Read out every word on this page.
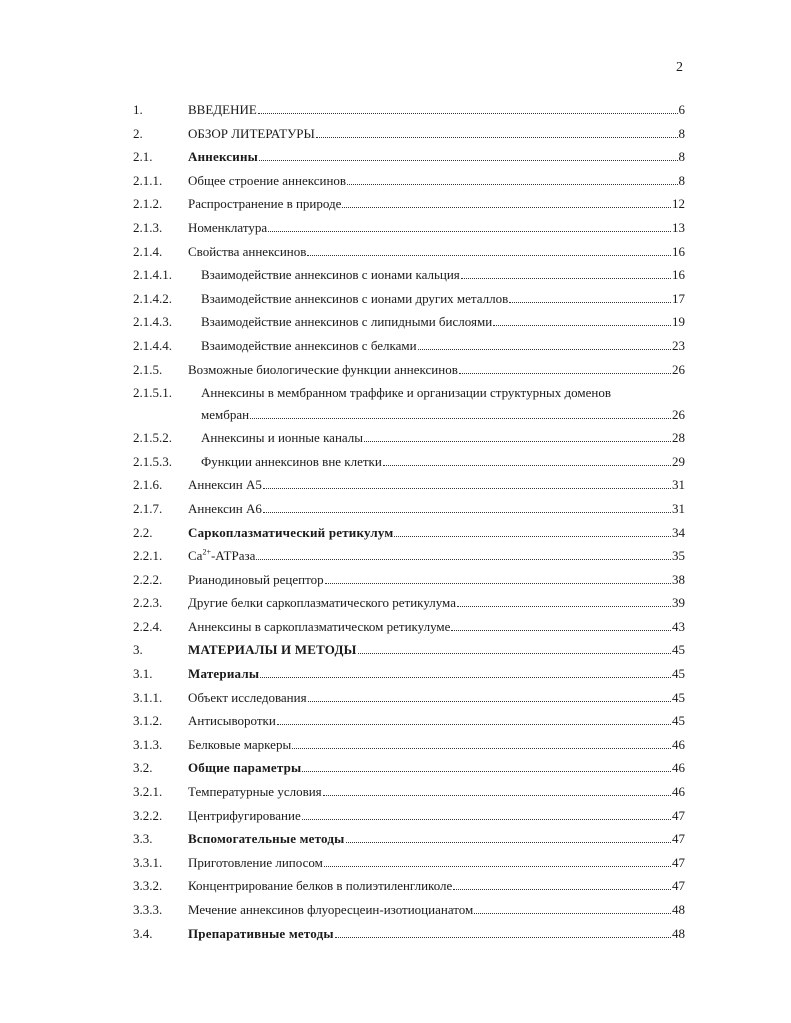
2
1.	ВВЕДЕНИЕ	6
2.	ОБЗОР ЛИТЕРАТУРЫ	8
2.1.	Аннексины	8
2.1.1. Общее строение аннексинов	8
2.1.2. Распространение в природе	12
2.1.3. Номенклатура	13
2.1.4. Свойства аннексинов	16
2.1.4.1. Взаимодействие аннексинов с ионами кальция	16
2.1.4.2. Взаимодействие аннексинов с ионами других металлов	17
2.1.4.3. Взаимодействие аннексинов с липидными бислоями	19
2.1.4.4. Взаимодействие аннексинов с белками	23
2.1.5. Возможные биологические функции аннексинов	26
2.1.5.1. Аннексины в мембранном траффике и организации структурных доменов
мембран	26
2.1.5.2. Аннексины и ионные каналы	28
2.1.5.3. Функции аннексинов вне клетки	29
2.1.6. Аннексин А5	31
2.1.7. Аннексин А6	31
2.2.	Саркоплазматический ретикулум	34
2.2.1. $Ca^{2+}$-АТРаза	35
2.2.2. Рианодиновый рецептор	38
2.2.3. Другие белки саркоплазматического ретикулума	39
2.2.4. Аннексины в саркоплазматическом ретикулуме	43
3.	МАТЕРИАЛЫ И МЕТОДЫ	45
3.1.	Материалы	45
3.1.1. Объект исследования	45
3.1.2. Антисыворотки	45
3.1.3. Белковые маркеры	46
3.2.	Общие параметры	46
3.2.1. Температурные условия	46
3.2.2. Центрифугирование	47
3.3.	Вспомогательные методы	47
3.3.1. Приготовление липосом	47
3.3.2. Концентрирование белков в полиэтиленгликоле	47
3.3.3. Мечение аннексинов флуоресцеин-изотиоцианатом	48
3.4.	Препаративные методы	48
